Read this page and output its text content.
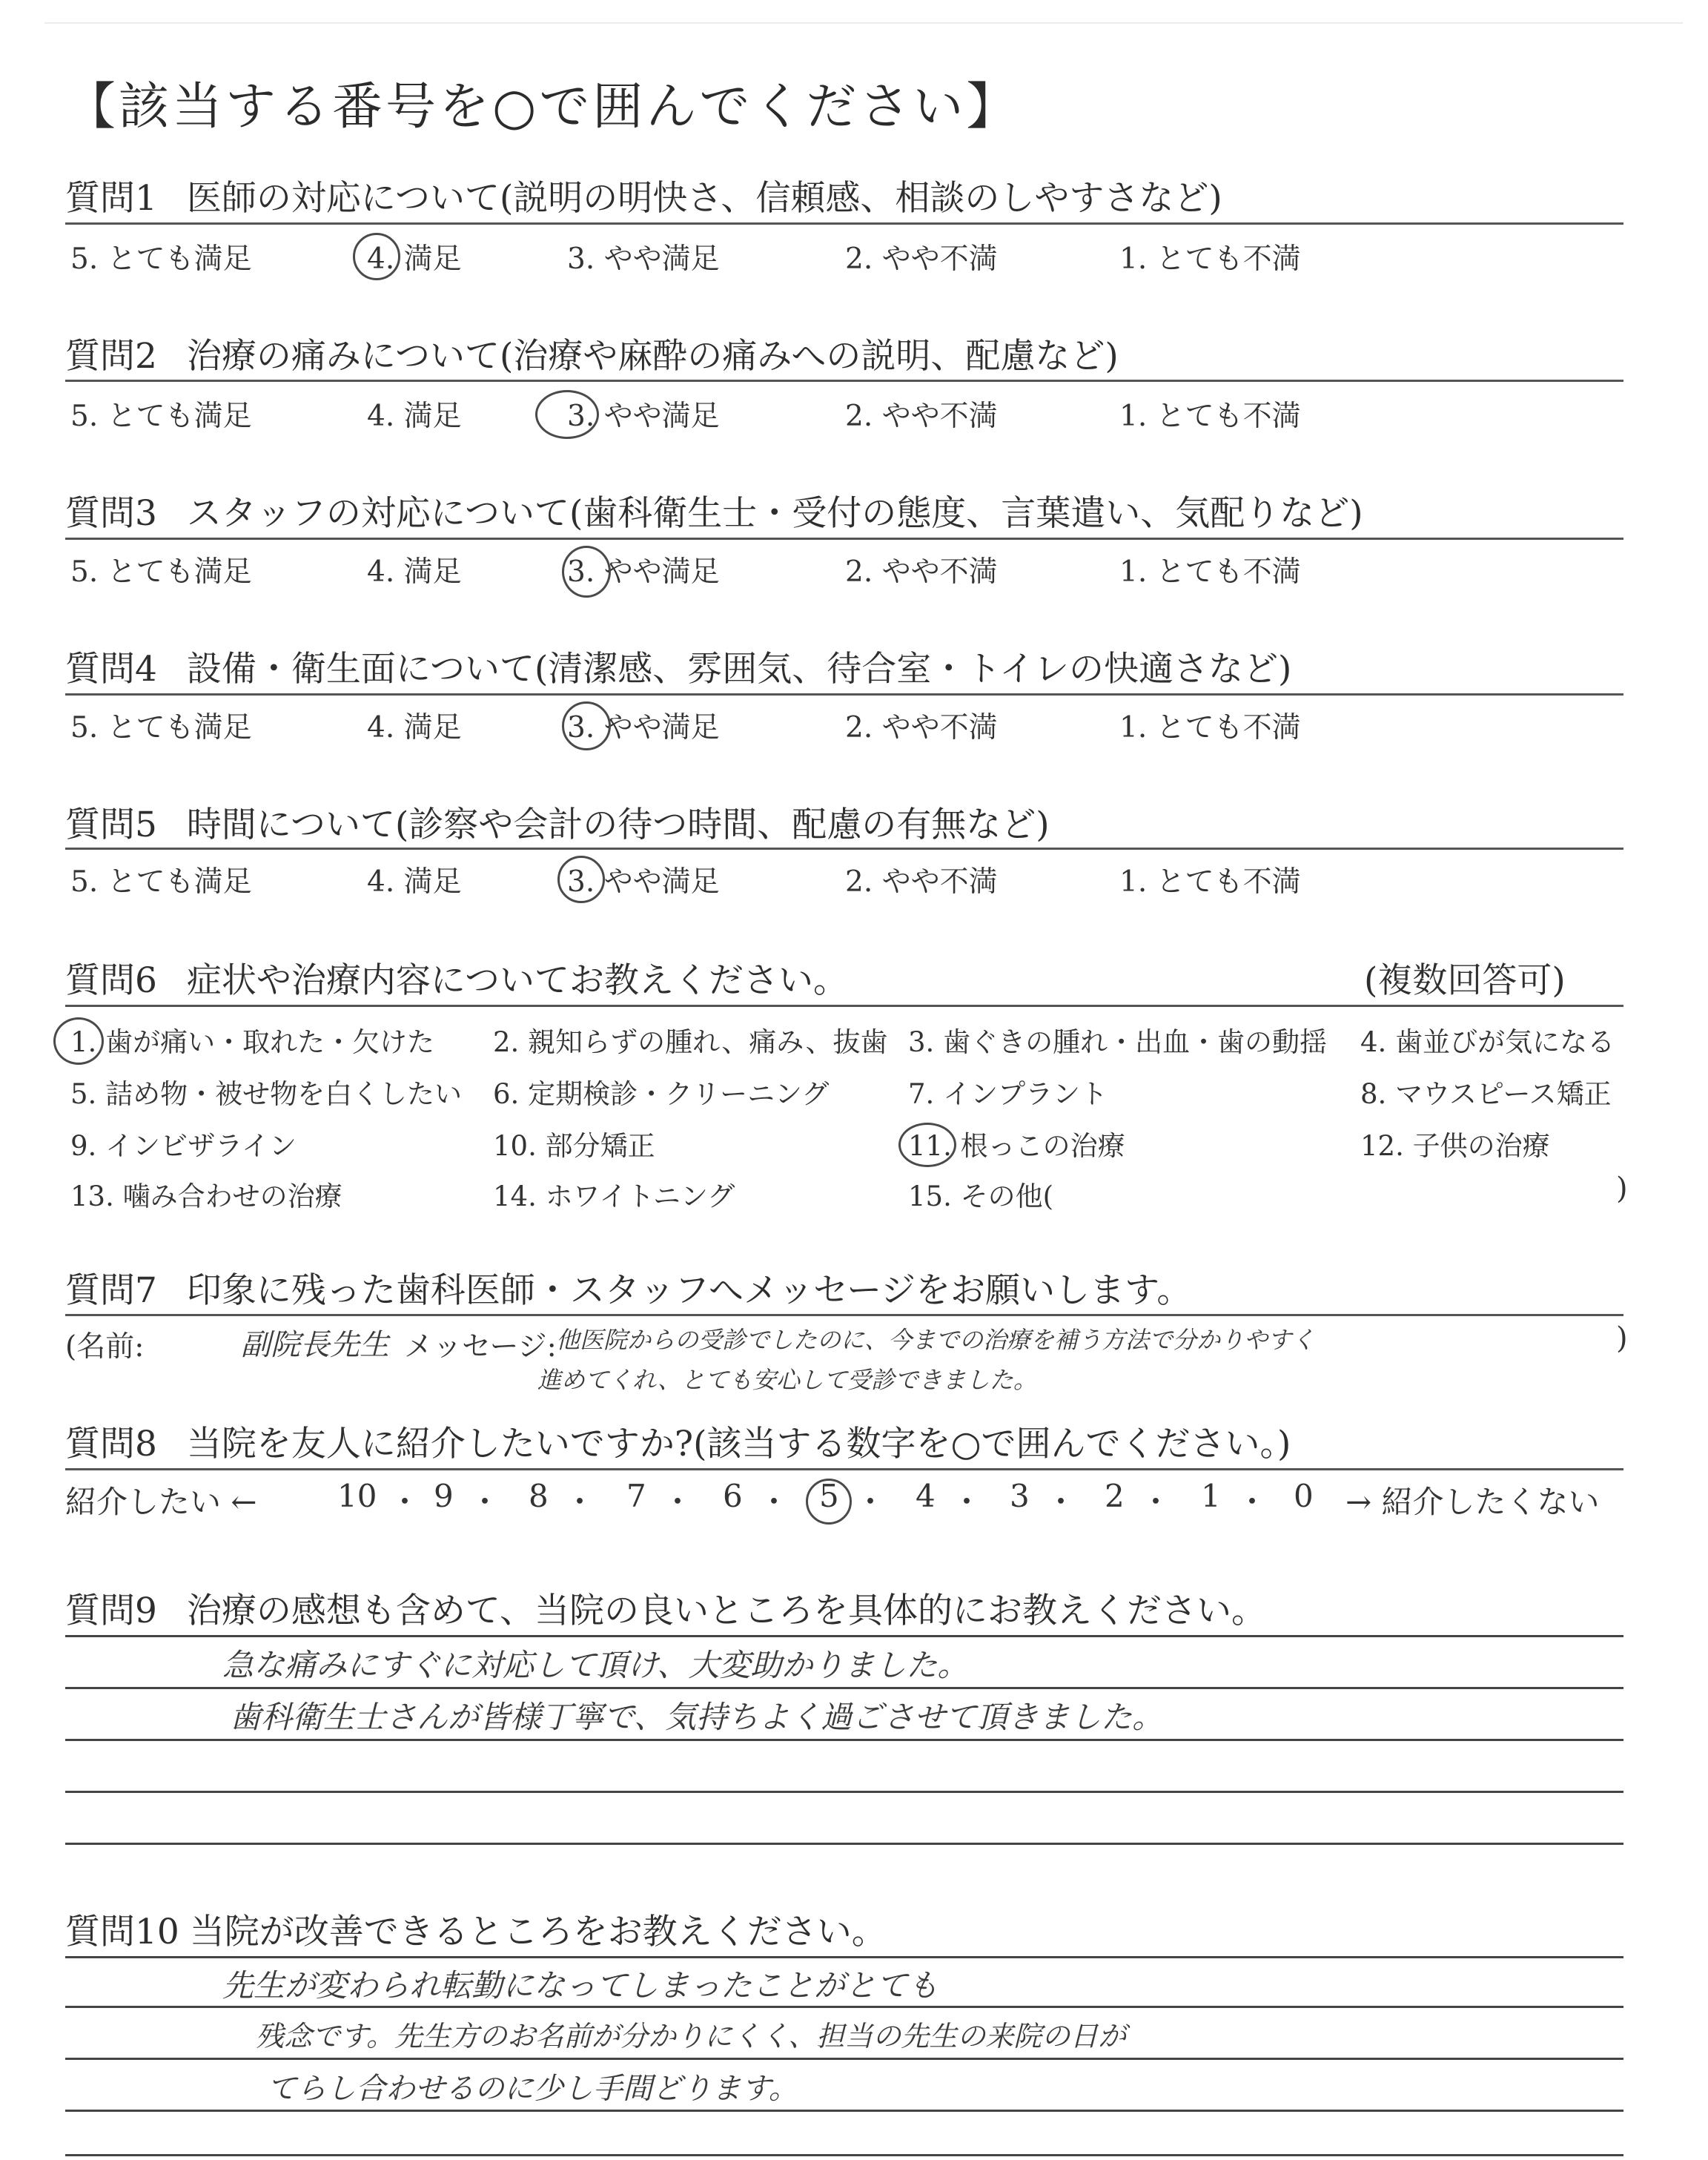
【該当する番号を○で囲んでください】
質問1 医師の対応について(説明の明快さ、信頼感、相談のしやすさなど)
5. とても満足	4. 満足	3. やや満足	2. やや不満	1. とても不満
質問2 治療の痛みについて(治療や麻酔の痛みへの説明、配慮など)
5. とても満足	4. 満足	3. やや満足	2. やや不満	1. とても不満
質問3 スタッフの対応について(歯科衛生士・受付の態度、言葉遣い、気配りなど)
5. とても満足	4. 満足	3. やや満足	2. やや不満	1. とても不満
質問4 設備・衛生面について(清潔感、雰囲気、待合室・トイレの快適さなど)
5. とても満足	4. 満足	3. やや満足	2. やや不満	1. とても不満
質問5 時間について(診察や会計の待つ時間、配慮の有無など)
5. とても満足	4. 満足	3. やや満足	2. やや不満	1. とても不満
質問6 症状や治療内容についてお教えください。	(複数回答可)
1. 歯が痛い・取れた・欠けた 2. 親知らずの腫れ、痛み、抜歯 3. 歯ぐきの腫れ・出血・歯の動揺 4. 歯並びが気になる
5. 詰め物・被せ物を白くしたい 6. 定期検診・クリーニング	7. インプラント	8. マウスピース矯正
9. インビザライン	10. 部分矯正	11. 根っこの治療	12. 子供の治療
13. 噛み合わせの治療	14. ホワイトニング	15. その他(	)
質問7 印象に残った歯科医師・スタッフへメッセージをお願いします。
(名前:	副院長先生 メッセージ: 他医院からの受診でしたのに、今までの治療を補う方法で分かりやすく
進めてくれ、とても安心して受診できました。
)
質問8 当院を友人に紹介したいですか?(該当する数字を○で囲んでください。)
紹介したい ←	→ 紹介したくない
10 ・ 9 ・ 8 ・ 7 ・ 6 ・ 5 ・ 4 ・ 3 ・ 2 ・ 1 ・ 0
質問9 治療の感想も含めて、当院の良いところを具体的にお教えください。
急な痛みにすぐに対応して頂け、大変助かりました。
歯科衛生士さんが皆様丁寧で、気持ちよく過ごさせて頂きました。
質問10 当院が改善できるところをお教えください。
先生が変わられ転勤になってしまったことがとても
残念です。先生方のお名前が分かりにくく、担当の先生の来院の日が
てらし合わせるのに少し手間どります。
